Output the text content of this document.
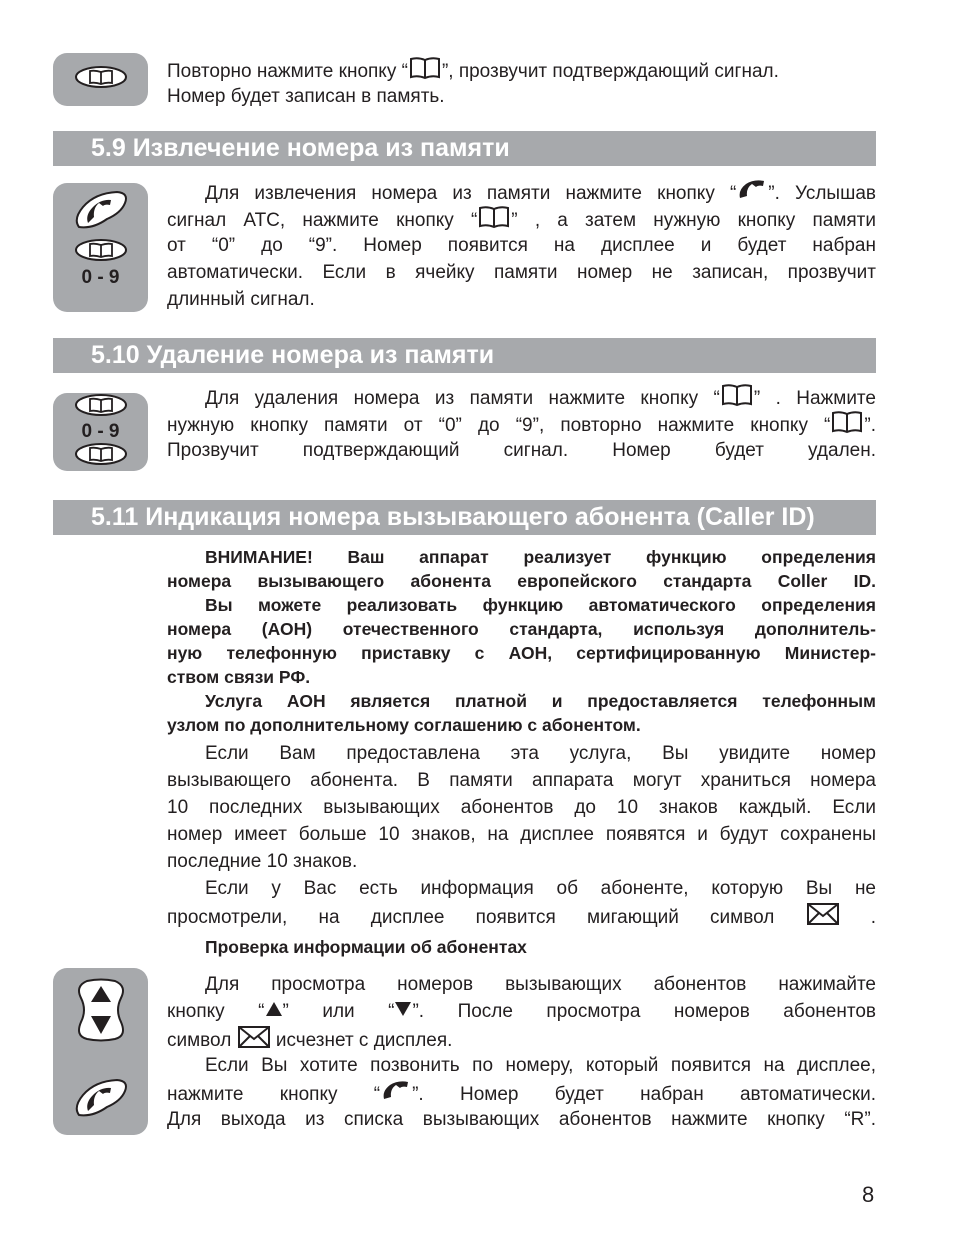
0 - 9
0 - 9
Повторно нажмите кнопку “ ”, прозвучит подтверждающий сигнал.
Номер будет записан в память.
5.9 Извлечение номера из памяти
Для извлечения номера из памяти нажмите кнопку “ ”. Услышав
сигнал АТС, нажмите кнопку “ ” , а затем нужную кнопку памяти
от “0” до “9”. Номер появится на дисплее и будет набран
автоматически. Если в ячейку памяти номер не записан, прозвучит
длинный сигнал.
5.10 Удаление номера из памяти
Для удаления номера из памяти нажмите кнопку “ ” . Нажмите
нужную кнопку памяти от “0” до “9”, повторно нажмите кнопку “ ”.
Прозвучит подтверждающий сигнал. Номер будет удален.
5.11 Индикация номера вызывающего абонента (Caller ID)
ВНИМАНИЕ! Ваш аппарат реализует функцию определения
номера вызывающего абонента европейского стандарта Coller ID.
Вы можете реализовать функцию автоматического определения
номера (АОН) отечественного стандарта, используя дополнитель-
ную телефонную приставку с АОН, сертифицированную Министер-
ством связи РФ.
Услуга АОН является платной и предоставляется телефонным
узлом по дополнительному соглашению с абонентом.
Если Вам предоставлена эта услуга, Вы увидите номер
вызывающего абонента. В памяти аппарата могут храниться номера
10 последних вызывающих абонентов до 10 знаков каждый. Если
номер имеет больше 10 знаков, на дисплее появятся и будут сохранены
последние 10 знаков.
Если у Вас есть информация об абоненте, которую Вы не
просмотрели, на дисплее появится мигающий символ  .
Проверка информации об абонентах
Для просмотра номеров вызывающих абонентов нажимайте
кнопку “ ” или “ ”. После просмотра номеров абонентов
символ  исчезнет с дисплея.
Если Вы хотите позвонить по номеру, который появится на дисплее,
нажмите кнопку “ ”. Номер будет набран автоматически.
Для выхода из списка вызывающих абонентов нажмите кнопку “R”.
8
